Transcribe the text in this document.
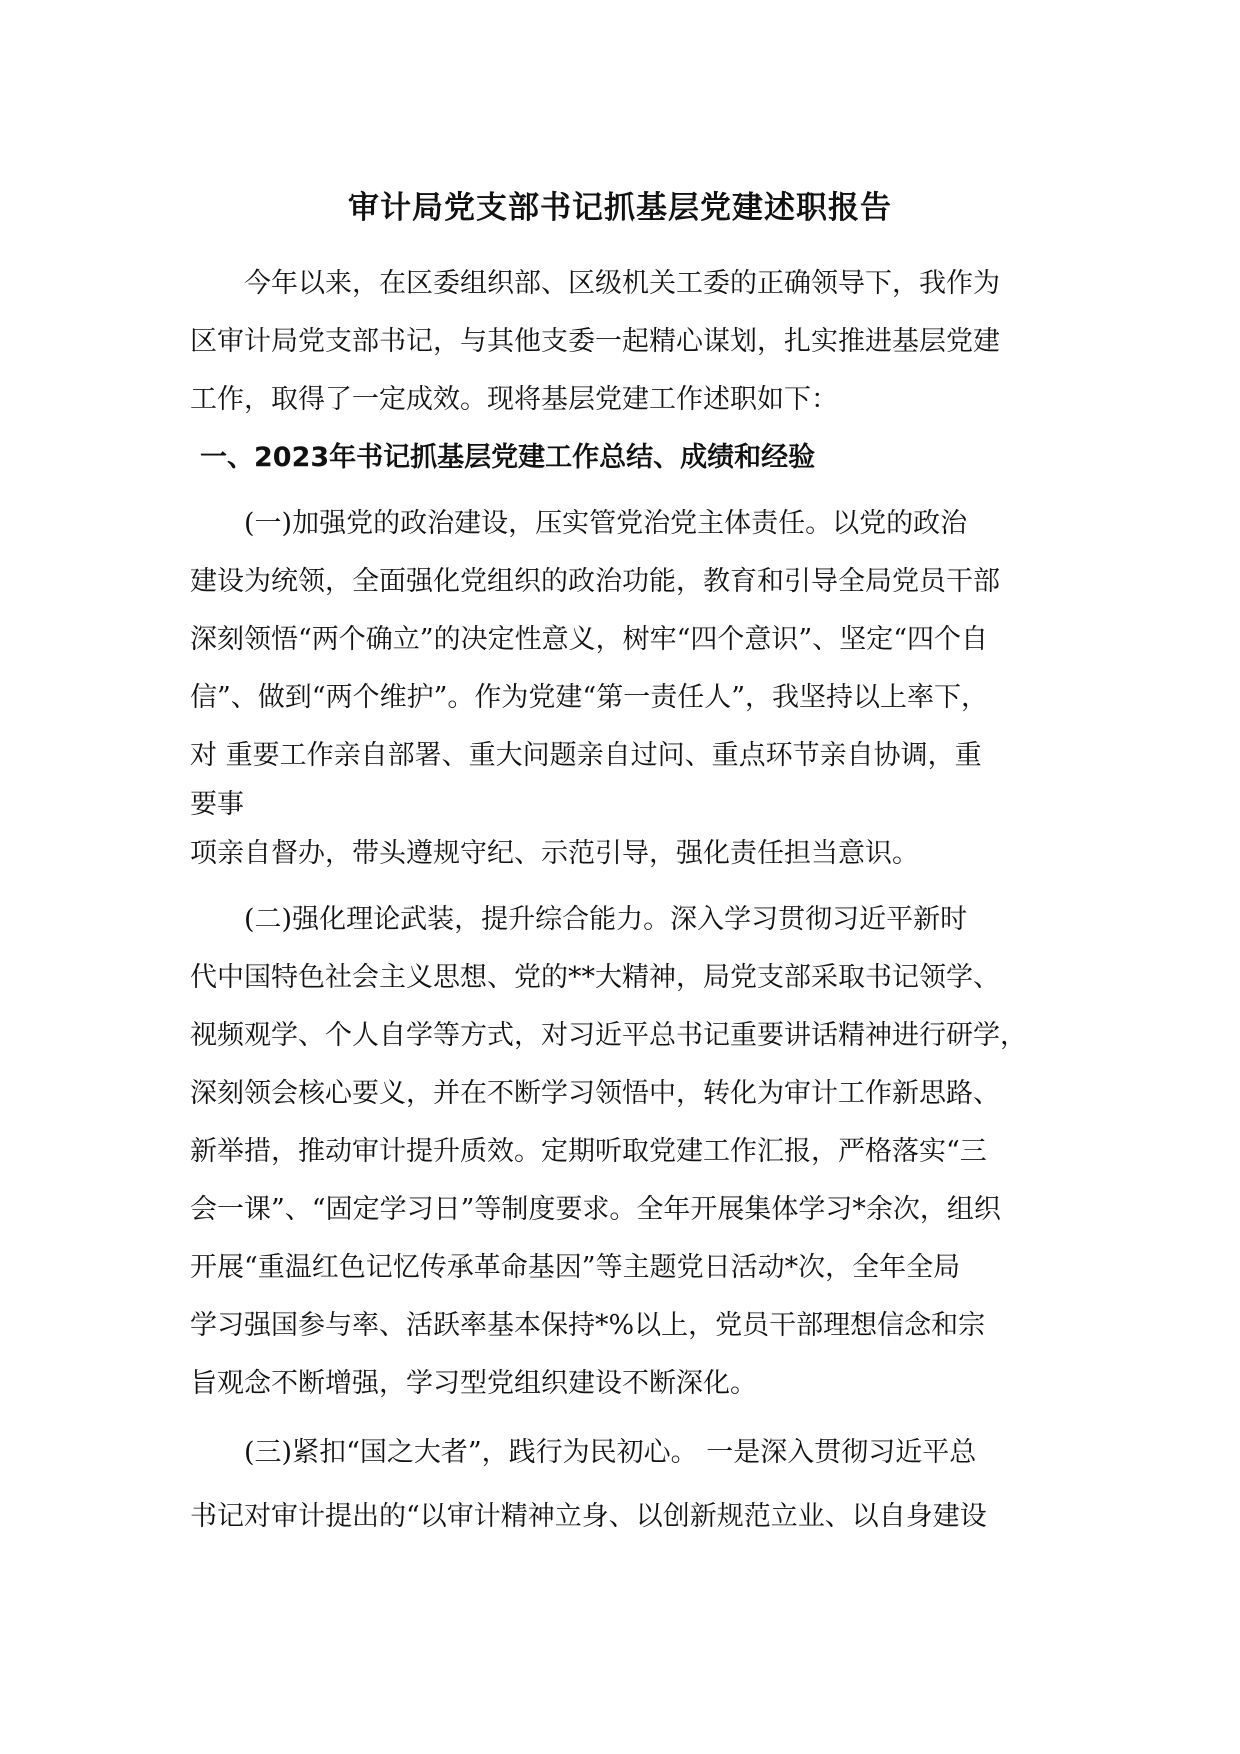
审计局党支部书记抓基层党建述职报告

今年以来，在区委组织部、区级机关工委的正确领导下，我作为
区审计局党支部书记，与其他支委一起精心谋划，扎实推进基层党建
工作，取得了一定成效。现将基层党建工作述职如下：

一、2023年书记抓基层党建工作总结、成绩和经验

(一)加强党的政治建设，压实管党治党主体责任。以党的政治
建设为统领，全面强化党组织的政治功能，教育和引导全局党员干部
深刻领悟“两个确立”的决定性意义，树牢“四个意识”、坚定“四个自
信”、做到“两个维护”。作为党建“第一责任人”，我坚持以上率下，
对 重要工作亲自部署、重大问题亲自过问、重点环节亲自协调，重
要事
项亲自督办，带头遵规守纪、示范引导，强化责任担当意识。

(二)强化理论武装，提升综合能力。深入学习贯彻习近平新时
代中国特色社会主义思想、党的**大精神，局党支部采取书记领学、
视频观学、个人自学等方式，对习近平总书记重要讲话精神进行研学，
深刻领会核心要义，并在不断学习领悟中，转化为审计工作新思路、
新举措，推动审计提升质效。定期听取党建工作汇报，严格落实“三
会一课”、“固定学习日”等制度要求。全年开展集体学习*余次，组织
开展“重温红色记忆传承革命基因”等主题党日活动*次，全年全局
学习强国参与率、活跃率基本保持*%以上，党员干部理想信念和宗
旨观念不断增强，学习型党组织建设不断深化。

(三)紧扣“国之大者”，践行为民初心。 一是深入贯彻习近平总
书记对审计提出的“以审计精神立身、以创新规范立业、以自身建设
